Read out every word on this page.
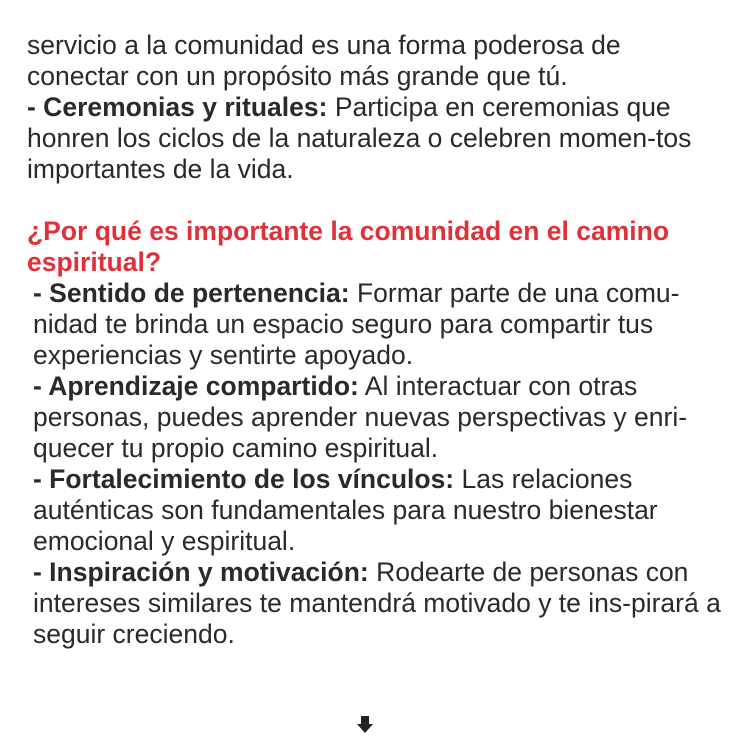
servicio a la comunidad es una forma poderosa de conectar con un propósito más grande que tú.

- Ceremonias y rituales: Participa en ceremonias que honren los ciclos de la naturaleza o celebren momen-tos importantes de la vida.

¿Por qué es importante la comunidad en el camino espiritual?

- Sentido de pertenencia: Formar parte de una comu-nidad te brinda un espacio seguro para compartir tus experiencias y sentirte apoyado.

- Aprendizaje compartido: Al interactuar con otras personas, puedes aprender nuevas perspectivas y enri-quecer tu propio camino espiritual.

- Fortalecimiento de los vínculos: Las relaciones auténticas son fundamentales para nuestro bienestar emocional y espiritual.

- Inspiración y motivación: Rodearte de personas con intereses similares te mantendrá motivado y te ins-pirará a seguir creciendo.
